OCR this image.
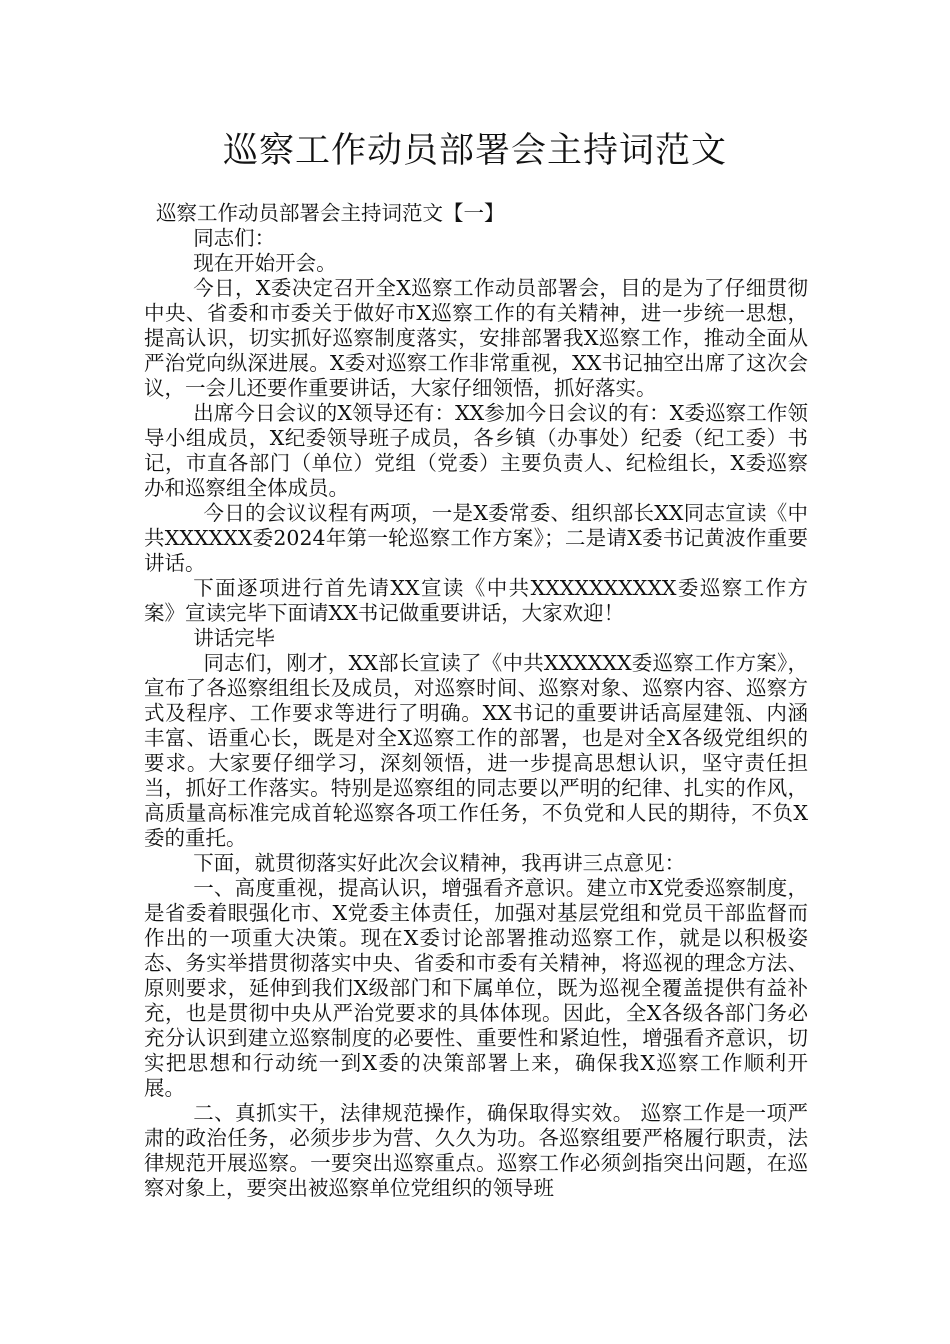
巡察工作动员部署会主持词范文

巡察工作动员部署会主持词范文【一】

同志们：

现在开始开会。

今日，X委决定召开全X巡察工作动员部署会，目的是为了仔细贯彻中央、省委和市委关于做好市X巡察工作的有关精神，进一步统一思想，提高认识，切实抓好巡察制度落实，安排部署我X巡察工作，推动全面从严治党向纵深进展。X委对巡察工作非常重视，XX书记抽空出席了这次会议，一会儿还要作重要讲话，大家仔细领悟，抓好落实。

出席今日会议的X领导还有：XX参加今日会议的有：X委巡察工作领导小组成员，X纪委领导班子成员，各乡镇（办事处）纪委（纪工委）书记，市直各部门（单位）党组（党委）主要负责人、纪检组长，X委巡察办和巡察组全体成员。

今日的会议议程有两项，一是X委常委、组织部长XX同志宣读《中共XXXXXX委2024年第一轮巡察工作方案》；二是请X委书记黄波作重要讲话。

下面逐项进行首先请XX宣读《中共XXXXXXXXXX委巡察工作方案》宣读完毕下面请XX书记做重要讲话，大家欢迎！

讲话完毕

同志们，刚才，XX部长宣读了《中共XXXXXX委巡察工作方案》，宣布了各巡察组组长及成员，对巡察时间、巡察对象、巡察内容、巡察方式及程序、工作要求等进行了明确。XX书记的重要讲话高屋建瓴、内涵丰富、语重心长，既是对全X巡察工作的部署，也是对全X各级党组织的要求。大家要仔细学习，深刻领悟，进一步提高思想认识，坚守责任担当，抓好工作落实。特别是巡察组的同志要以严明的纪律、扎实的作风，高质量高标准完成首轮巡察各项工作任务，不负党和人民的期待，不负X委的重托。

下面，就贯彻落实好此次会议精神，我再讲三点意见：

一、高度重视，提高认识，增强看齐意识。建立市X党委巡察制度，是省委着眼强化市、X党委主体责任，加强对基层党组和党员干部监督而作出的一项重大决策。现在X委讨论部署推动巡察工作，就是以积极姿态、务实举措贯彻落实中央、省委和市委有关精神，将巡视的理念方法、原则要求，延伸到我们X级部门和下属单位，既为巡视全覆盖提供有益补充，也是贯彻中央从严治党要求的具体体现。因此，全X各级各部门务必充分认识到建立巡察制度的必要性、重要性和紧迫性，增强看齐意识，切实把思想和行动统一到X委的决策部署上来，确保我X巡察工作顺利开展。

二、真抓实干，法律规范操作，确保取得实效。 巡察工作是一项严肃的政治任务，必须步步为营、久久为功。各巡察组要严格履行职责，法律规范开展巡察。一要突出巡察重点。巡察工作必须剑指突出问题，在巡察对象上，要突出被巡察单位党组织的领导班
